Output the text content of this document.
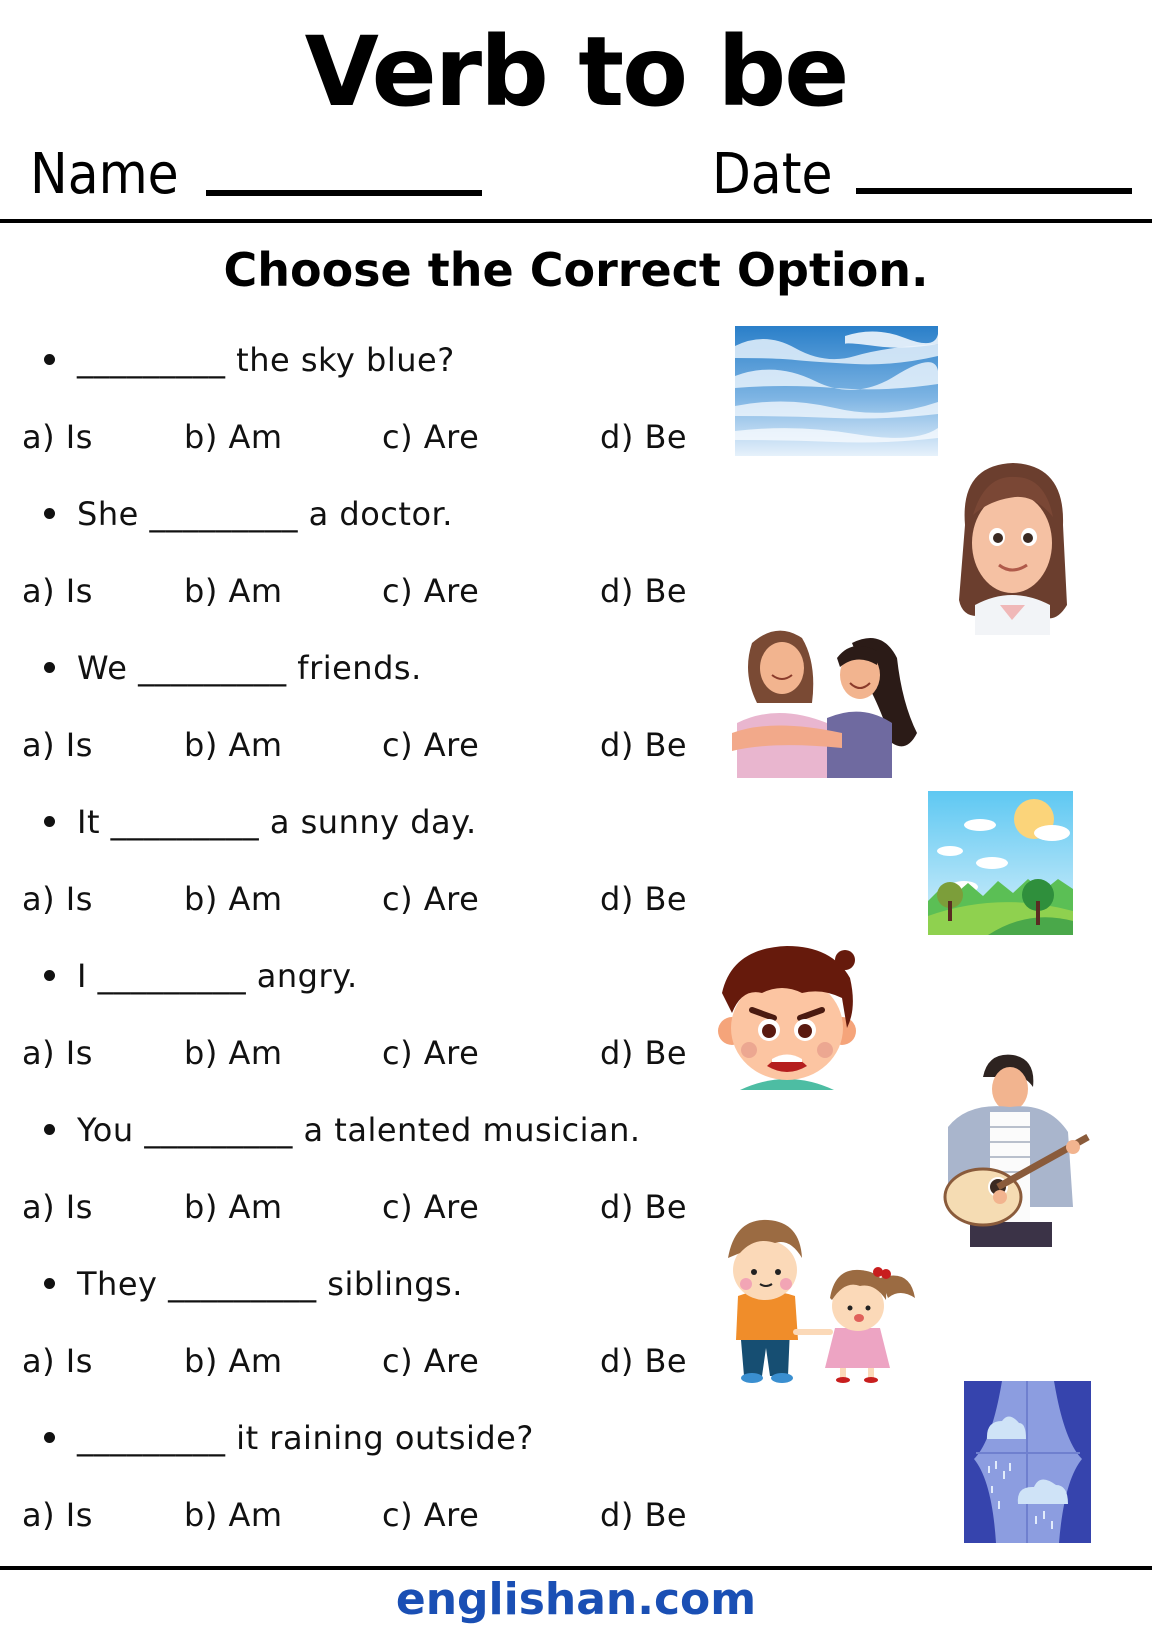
Verb to be
Name	Date
Choose the Correct Option.
_________ the sky blue?
a) Is	b) Am	c) Are	d) Be
She _________ a doctor.
a) Is	b) Am	c) Are	d) Be
We _________ friends.
a) Is	b) Am	c) Are	d) Be
It _________ a sunny day.
a) Is	b) Am	c) Are	d) Be
I _________ angry.
a) Is	b) Am	c) Are	d) Be
You _________ a talented musician.
a) Is	b) Am	c) Are	d) Be
They _________ siblings.
a) Is	b) Am	c) Are	d) Be
_________ it raining outside?
a) Is	b) Am	c) Are	d) Be
englishan.com
